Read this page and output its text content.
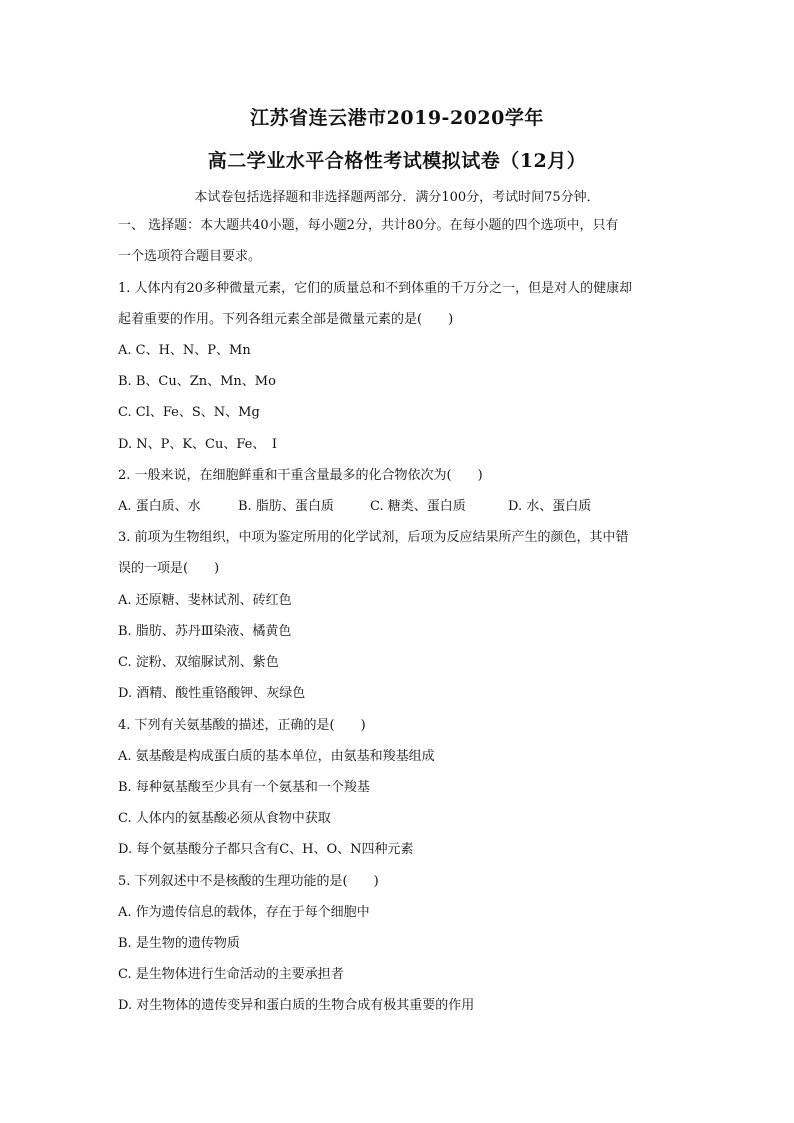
江苏省连云港市2019-2020学年
高二学业水平合格性考试模拟试卷（12月）
本试卷包括选择题和非选择题两部分．满分100分，考试时间75分钟．
一、 选择题：本大题共40小题，每小题2分，共计80分。在每小题的四个选项中，只有
一个选项符合题目要求。
1. 人体内有20多种微量元素，它们的质量总和不到体重的千万分之一，但是对人的健康却
起着重要的作用。下列各组元素全部是微量元素的是(　　)
A. C、H、N、P、Mn
B. B、Cu、Zn、Mn、Mo
C. Cl、Fe、S、N、Mg
D. N、P、K、Cu、Fe、　I
2. 一般来说，在细胞鲜重和干重含量最多的化合物依次为(　　)
A. 蛋白质、水	B. 脂肪、蛋白质	C. 糖类、蛋白质	D. 水、蛋白质
3. 前项为生物组织，中项为鉴定所用的化学试剂，后项为反应结果所产生的颜色，其中错
误的一项是(　　)
A. 还原糖、斐林试剂、砖红色
B. 脂肪、苏丹Ⅲ染液、橘黄色
C. 淀粉、双缩脲试剂、紫色
D. 酒精、酸性重铬酸钾、灰绿色
4. 下列有关氨基酸的描述，正确的是(　　)
A. 氨基酸是构成蛋白质的基本单位，由氨基和羧基组成
B. 每种氨基酸至少具有一个氨基和一个羧基
C. 人体内的氨基酸必须从食物中获取
D. 每个氨基酸分子都只含有C、H、O、N四种元素
5. 下列叙述中不是核酸的生理功能的是(　　)
A. 作为遗传信息的载体，存在于每个细胞中
B. 是生物的遗传物质
C. 是生物体进行生命活动的主要承担者
D. 对生物体的遗传变异和蛋白质的生物合成有极其重要的作用
